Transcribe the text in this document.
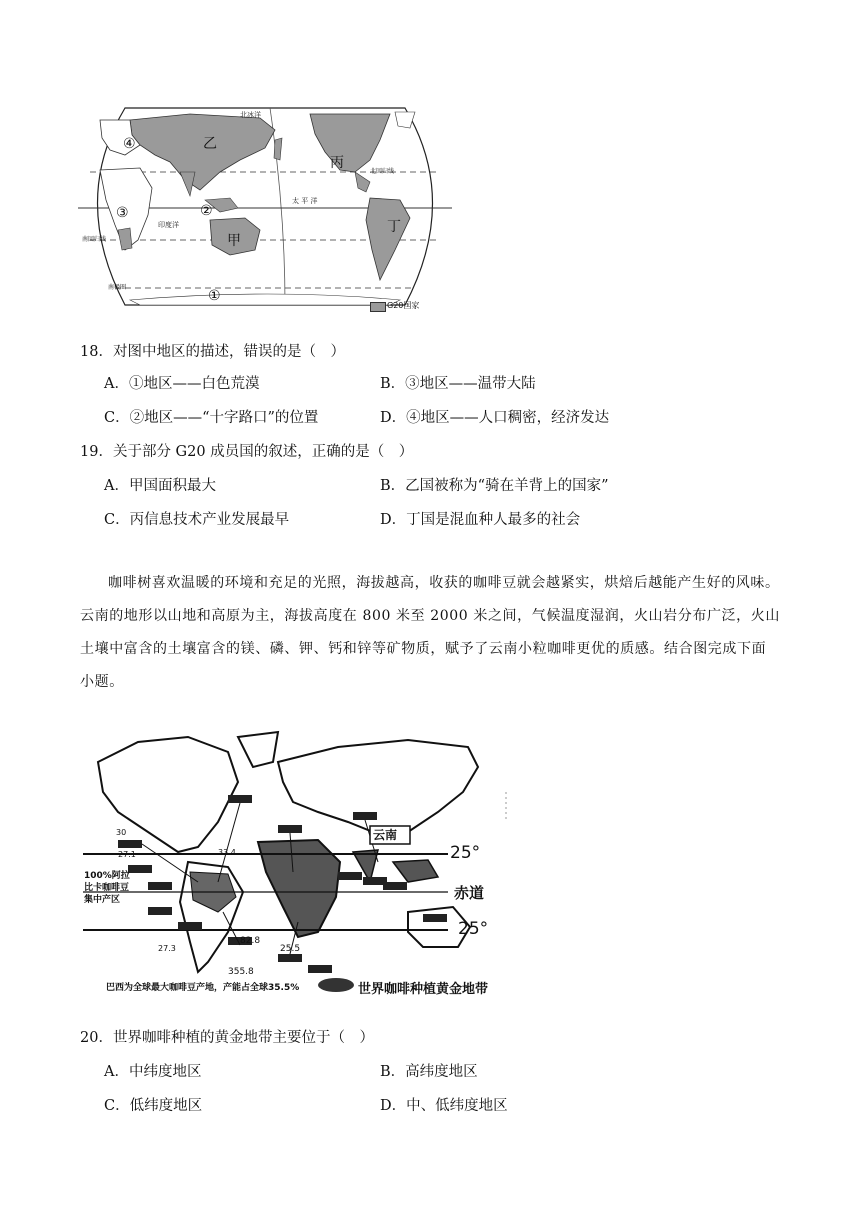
乙
丙
甲
丁
①
②
③
④
北冰洋
太 平 洋
印度洋
北回归线
南回归线
南极圈
G20国家
18．对图中地区的描述，错误的是（　）
A．①地区——白色荒漠	B．③地区——温带大陆
C．②地区——“十字路口”的位置	D．④地区——人口稠密，经济发达
19．关于部分 G20 成员国的叙述，正确的是（　）
A．甲国面积最大	B．乙国被称为“骑在羊背上的国家”
C．丙信息技术产业发展最早	D．丁国是混血种人最多的社会
咖啡树喜欢温暖的环境和充足的光照，海拔越高，收获的咖啡豆就会越紧实，烘焙后越能产生好的风味。云南的地形以山地和高原为主，海拔高度在 800 米至 2000 米之间，气候温度湿润，火山岩分布广泛，火山土壤中富含的土壤富含的镁、磷、钾、钙和锌等矿物质，赋予了云南小粒咖啡更优的质感。结合图完成下面小题。
云南
25°
赤道
25°
100%阿拉比卡咖啡豆集中产区
30
27.1	33.4
82.8
25.5
355.8
27.3
巴西为全球最大咖啡豆产地，产能占全球35.5%	世界咖啡种植黄金地带
20．世界咖啡种植的黄金地带主要位于（　）
A．中纬度地区	B．高纬度地区
C．低纬度地区	D．中、低纬度地区
